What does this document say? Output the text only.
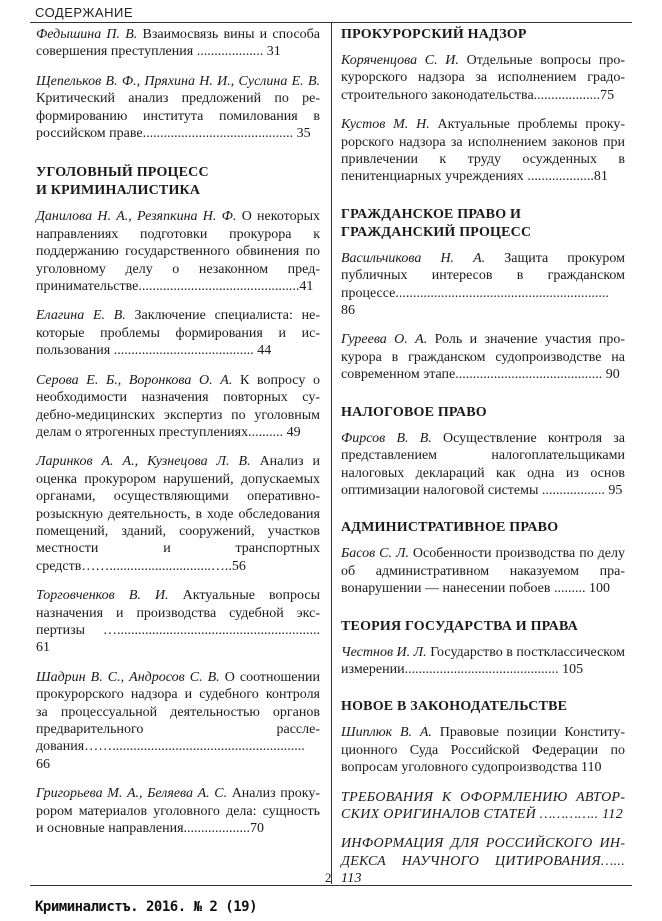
СОДЕРЖАНИЕ

Федышина П. В. Взаимосвязь вины и способа совершения преступления ................... 31

Щепельков В. Ф., Пряхина Н. И., Суслина Е. В. Критический анализ предложений по реформированию института помилования в российском праве........................................... 35

УГОЛОВНЫЙ ПРОЦЕСС И КРИМИНАЛИСТИКА

Данилова Н. А., Резяпкина Н. Ф. О некоторых направлениях подготовки прокурора к поддержанию государственного обвинения по уголовному делу о незаконном предпринимательстве..............................................41

Елагина Е. В. Заключение специалиста: некоторые проблемы формирования и использования ........................................ 44

Серова Е. Б., Воронкова О. А. К вопросу о необходимости назначения повторных судебно-медицинских экспертиз по уголовным делам о ятрогенных преступлениях.......... 49

Ларинков А. А., Кузнецова Л. В. Анализ и оценка прокурором нарушений, допускаемых органами, осуществляющими оперативно-розыскную деятельность, в ходе обследования помещений, зданий, сооружений, участков местности и транспортных средств…….............................…..56

Торговченков В. И. Актуальные вопросы назначения и производства судебной экспертизы ….......................................................... 61

Шадрин В. С., Андросов С. В. О соотношении прокурорского надзора и судебного контроля за процессуальной деятельностью органов предварительного расследования……....................................................... 66

Григорьева М. А., Беляева А. С. Анализ прокурором материалов уголовного дела: сущность и основные направления...................70

ПРОКУРОРСКИЙ НАДЗОР

Коряченцова С. И. Отдельные вопросы прокурорского надзора за исполнением градостроительного законодательства...................75

Кустов М. Н. Актуальные проблемы прокурорского надзора за исполнением законов при привлечении к труду осужденных в пенитенциарных учреждениях ...................81

ГРАЖДАНСКОЕ ПРАВО И ГРАЖДАНСКИЙ ПРОЦЕСС

Васильчикова Н. А. Защита прокуром публичных интересов в гражданском процессе............................................................. 86

Гуреева О. А. Роль и значение участия прокурора в гражданском судопроизводстве на современном этапе.......................................... 90

НАЛОГОВОЕ ПРАВО

Фирсов В. В. Осуществление контроля за представлением налогоплательщиками налоговых деклараций как одна из основ оптимизации налоговой системы .................. 95

АДМИНИСТРАТИВНОЕ ПРАВО

Басов С. Л. Особенности производства по делу об административном наказуемом правонарушении — нанесении побоев ......... 100

ТЕОРИЯ ГОСУДАРСТВА И ПРАВА

Честнов И. Л. Государство в постклассическом измерении............................................ 105

НОВОЕ В ЗАКОНОДАТЕЛЬСТВЕ

Шиплюк В. А. Правовые позиции Конституционного Суда Российской Федерации по вопросам уголовного судопроизводства 110

ТРЕБОВАНИЯ К ОФОРМЛЕНИЮ АВТОРСКИХ ОРИГИНАЛОВ СТАТЕЙ ………….. 112

ИНФОРМАЦИЯ ДЛЯ РОССИЙСКОГО ИНДЕКСА НАУЧНОГО ЦИТИРОВАНИЯ…... 113

2
Криминалистъ. 2016. № 2 (19)
